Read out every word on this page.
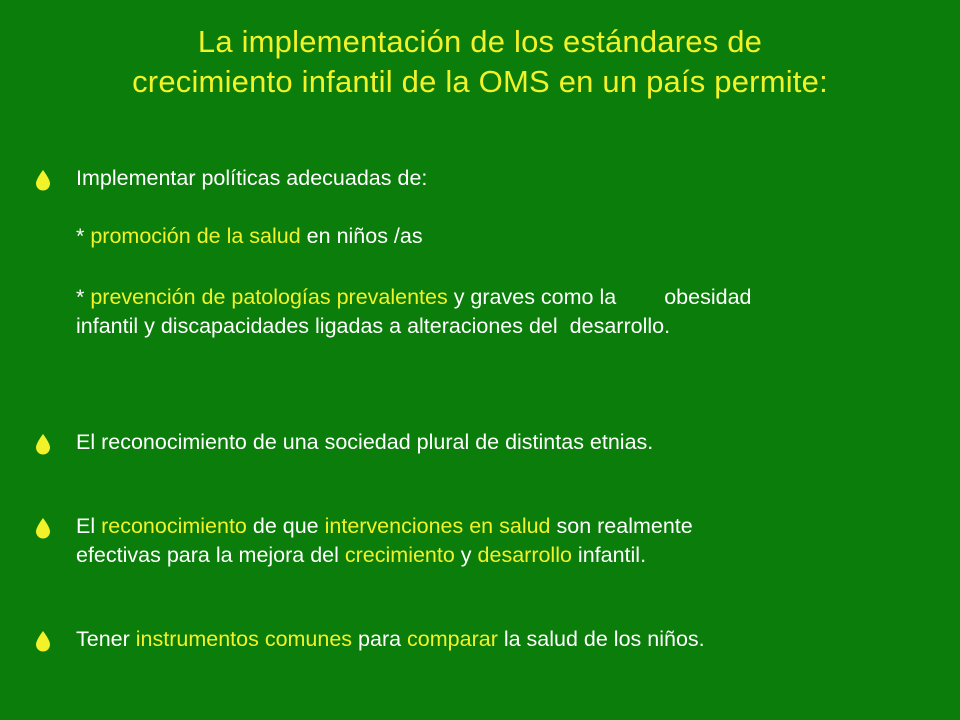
La implementación de los estándares de
crecimiento infantil de la OMS en un país permite:
Implementar políticas adecuadas de:
* promoción de la salud en niños /as
* prevención de patologías prevalentes y graves como la obesidad
infantil y discapacidades ligadas a alteraciones del desarrollo.
El reconocimiento de una sociedad plural de distintas etnias.
El reconocimiento de que intervenciones en salud son realmente
efectivas para la mejora del crecimiento y desarrollo infantil.
Tener instrumentos comunes para comparar la salud de los niños.
